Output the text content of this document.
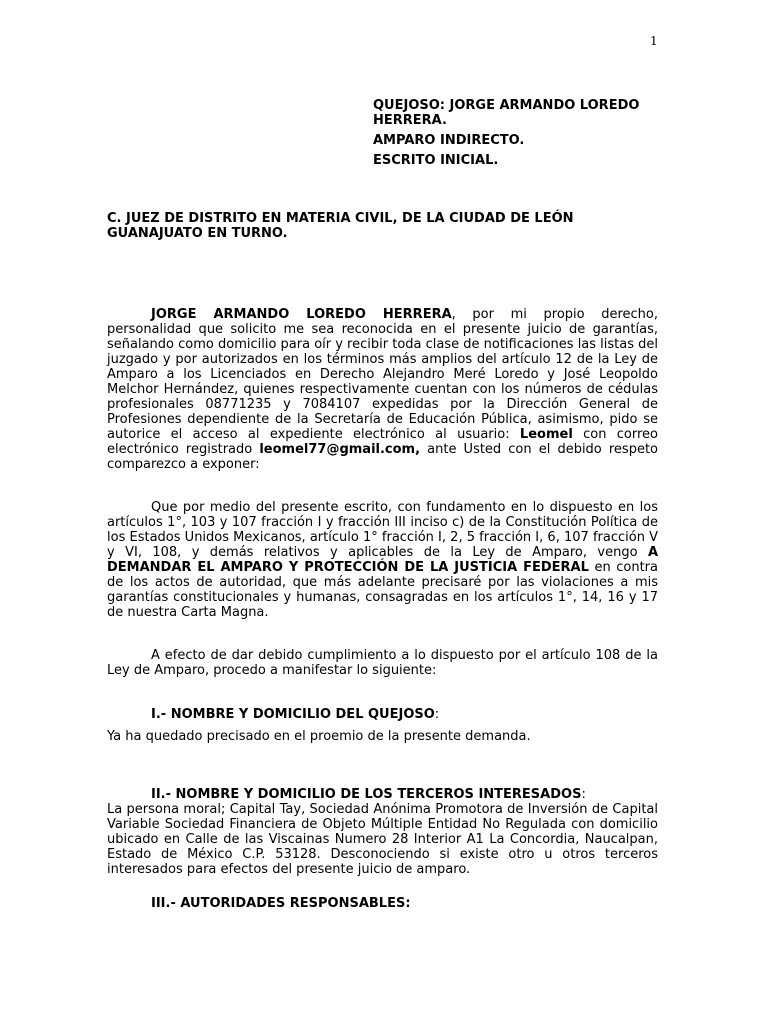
1

QUEJOSO: JORGE ARMANDO LOREDO HERRERA.

AMPARO INDIRECTO.

ESCRITO INICIAL.

C. JUEZ DE DISTRITO EN MATERIA CIVIL, DE LA CIUDAD DE LEÓN GUANAJUATO EN TURNO.

JORGE ARMANDO LOREDO HERRERA, por mi propio derecho, personalidad que solicito me sea reconocida en el presente juicio de garantías, señalando como domicilio para oír y recibir toda clase de notificaciones las listas del juzgado y por autorizados en los términos más amplios del artículo 12 de la Ley de Amparo a los Licenciados en Derecho Alejandro Meré Loredo y José Leopoldo Melchor Hernández, quienes respectivamente cuentan con los números de cédulas profesionales 08771235 y 7084107 expedidas por la Dirección General de Profesiones dependiente de la Secretaría de Educación Pública, asimismo, pido se autorice el acceso al expediente electrónico al usuario: Leomel con correo electrónico registrado leomel77@gmail.com, ante Usted con el debido respeto comparezco a exponer:

Que por medio del presente escrito, con fundamento en lo dispuesto en los artículos 1°, 103 y 107 fracción I y fracción III inciso c) de la Constitución Política de los Estados Unidos Mexicanos, artículo 1° fracción I, 2, 5 fracción I, 6, 107 fracción V y VI, 108, y demás relativos y aplicables de la Ley de Amparo, vengo A DEMANDAR EL AMPARO Y PROTECCIÓN DE LA JUSTICIA FEDERAL en contra de los actos de autoridad, que más adelante precisaré por las violaciones a mis garantías constitucionales y humanas, consagradas en los artículos 1°, 14, 16 y 17 de nuestra Carta Magna.

A efecto de dar debido cumplimiento a lo dispuesto por el artículo 108 de la Ley de Amparo, procedo a manifestar lo siguiente:

I.- NOMBRE Y DOMICILIO DEL QUEJOSO:

Ya ha quedado precisado en el proemio de la presente demanda.

II.- NOMBRE Y DOMICILIO DE LOS TERCEROS INTERESADOS:

La persona moral; Capital Tay, Sociedad Anónima Promotora de Inversión de Capital Variable Sociedad Financiera de Objeto Múltiple Entidad No Regulada con domicilio ubicado en Calle de las Viscainas Numero 28 Interior A1 La Concordia, Naucalpan, Estado de México C.P. 53128. Desconociendo si existe otro u otros terceros interesados para efectos del presente juicio de amparo.

III.- AUTORIDADES RESPONSABLES:
